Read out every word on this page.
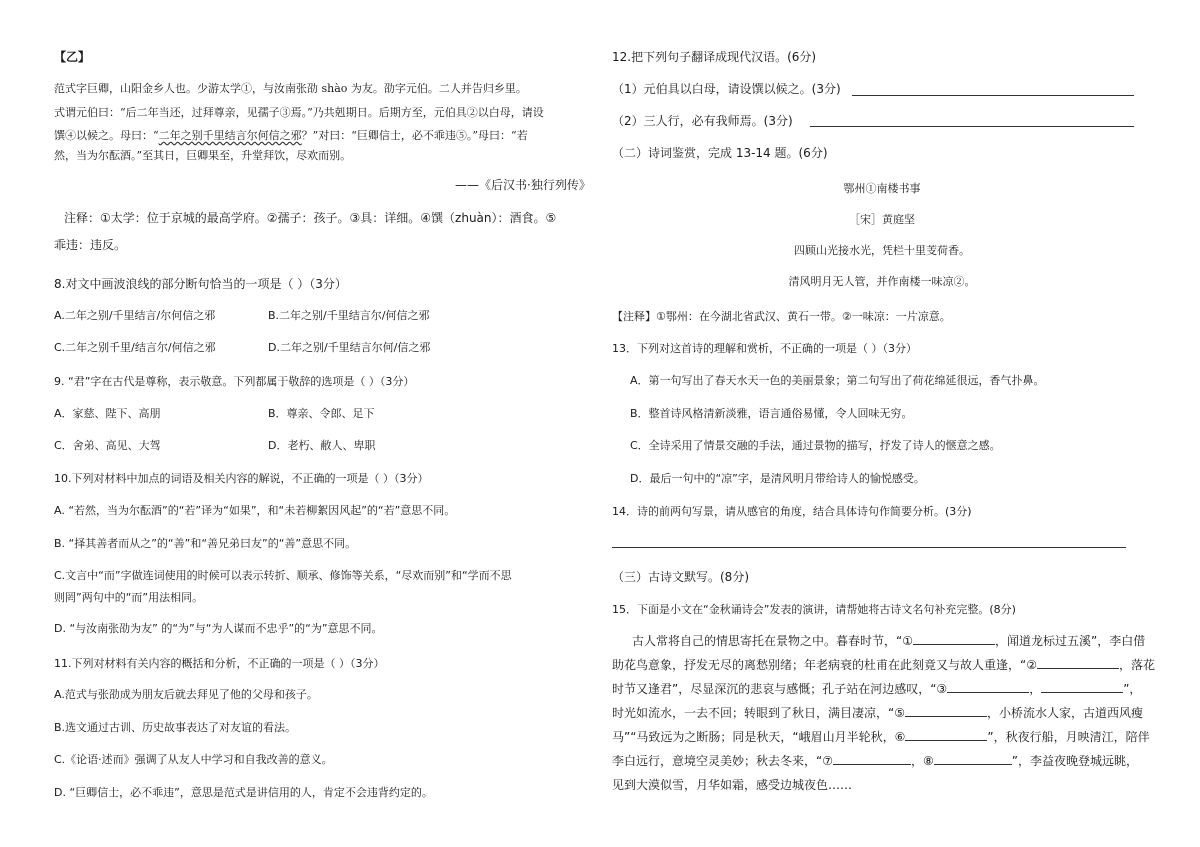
【乙】
范式字巨卿，山阳金乡人也。少游太学①，与汝南张劭 shào 为友。劭字元伯。二人并告归乡里。
式谓元伯曰：“后二年当还，过拜尊亲，见孺子③焉。”乃共剋期日。后期方至，元伯具②以白母，请设
馔④以候之。母曰：“二年之别千里结言尔何信之邪？”对曰：“巨卿信士，必不乖违⑤。”母曰：“若
然，当为尔酝酒。”至其日，巨卿果至，升堂拜饮，尽欢而别。
——《后汉书·独行列传》
注释：①太学：位于京城的最高学府。②孺子：孩子。③具：详细。④馔（zhuàn）：酒食。⑤
乖违：违反。
8.对文中画波浪线的部分断句恰当的一项是（ ）（3分）
A.二年之别/千里结言/尔何信之邪	B.二年之别/千里结言尔/何信之邪
C.二年之别千里/结言尔/何信之邪	D.二年之别/千里结言尔何/信之邪
9. “君”字在古代是尊称，表示敬意。下列都属于敬辞的选项是（ ）（3分）
A．家慈、陛下、高朋	B．尊亲、令郎、足下
C．舍弟、高见、大驾	D．老朽、敝人、卑职
10.下列对材料中加点的词语及相关内容的解说，不正确的一项是（ ）（3分）
A. “若然，当为尔酝酒”的“若”译为“如果”，和“未若柳絮因风起”的“若”意思不同。
B. “择其善者而从之”的“善”和“善兄弟曰友”的“善”意思不同。
C.文言中“而”字做连词使用的时候可以表示转折、顺承、修饰等关系，“尽欢而别”和“学而不思
则罔”两句中的“而”用法相同。
D. “与汝南张劭为友” 的“为”与“为人谋而不忠乎”的“为”意思不同。
11.下列对材料有关内容的概括和分析，不正确的一项是（ ）（3分）
A.范式与张劭成为朋友后就去拜见了他的父母和孩子。
B.选文通过古训、历史故事表达了对友谊的看法。
C.《论语·述而》强调了从友人中学习和自我改善的意义。
D. “巨卿信士，必不乖违”，意思是范式是讲信用的人，肯定不会违背约定的。
12.把下列句子翻译成现代汉语。(6分)
（1）元伯具以白母，请设馔以候之。(3分)
（2）三人行，必有我师焉。(3分)
（二）诗词鉴赏，完成 13-14 题。(6分)
鄂州①南楼书事
［宋］黄庭坚
四顾山光接水光，凭栏十里芰荷香。
清风明月无人管，并作南楼一味凉②。
【注释】①鄂州：在今湖北省武汉、黄石一带。②一味凉：一片凉意。
13．下列对这首诗的理解和赏析，不正确的一项是（ ）（3分）
A．第一句写出了春天水天一色的美丽景象；第二句写出了荷花绵延很远，香气扑鼻。
B．整首诗风格清新淡雅，语言通俗易懂，令人回味无穷。
C．全诗采用了情景交融的手法，通过景物的描写，抒发了诗人的惬意之感。
D．最后一句中的“凉”字，是清风明月带给诗人的愉悦感受。
14．诗的前两句写景，请从感官的角度，结合具体诗句作简要分析。(3分)
（三）古诗文默写。(8分)
15．下面是小文在“金秋诵诗会”发表的演讲，请帮她将古诗文名句补充完整。(8分)
古人常将自己的情思寄托在景物之中。暮春时节，“①	，闻道龙标过五溪”，李白借
助花鸟意象，抒发无尽的离愁别绪；年老病衰的杜甫在此刻竟又与故人重逢，“②	，落花
时节又逢君”，尽显深沉的悲哀与感慨；孔子站在河边感叹，“③	，	”，
时光如流水，一去不回；转眼到了秋日，满目凄凉，“⑤	，小桥流水人家，古道西风瘦
马”“马致远为之断肠；同是秋天，“峨眉山月半轮秋，⑥	”，秋夜行船，月映清江，陪伴
李白远行，意境空灵美妙；秋去冬来，“⑦	，⑧	”，李益夜晚登城远眺，
见到大漠似雪，月华如霜，感受边城夜色……
